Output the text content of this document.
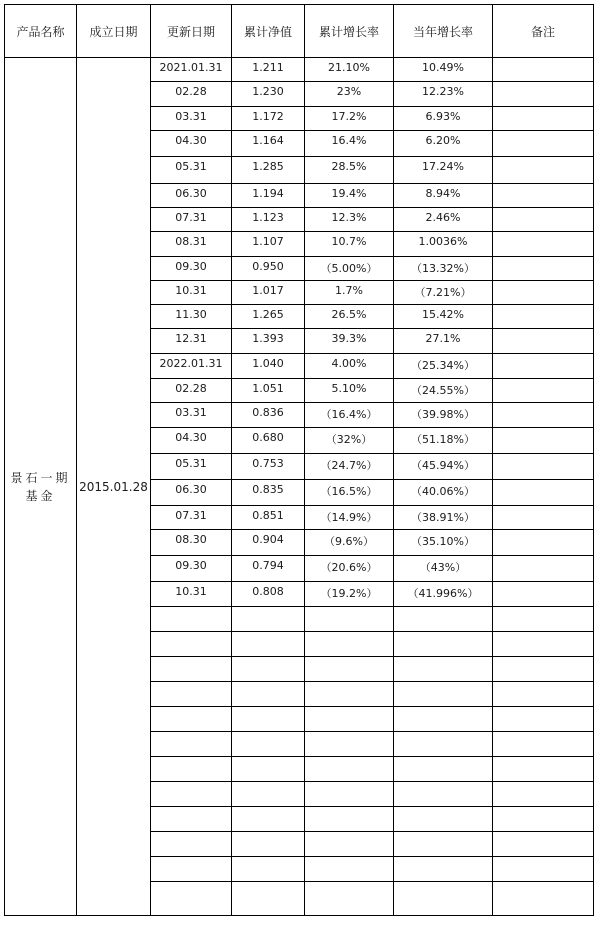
产品名称	成立日期	更新日期	累计净值	累计增长率	当年增长率	备注

景石一期基金	2015.01.28	2021.01.31	1.211	21.10%	10.49%	
		02.28	1.230	23%	12.23%	
		03.31	1.172	17.2%	6.93%	
		04.30	1.164	16.4%	6.20%	
		05.31	1.285	28.5%	17.24%	
		06.30	1.194	19.4%	8.94%	
		07.31	1.123	12.3%	2.46%	
		08.31	1.107	10.7%	1.0036%	
		09.30	0.950	（5.00%）	（13.32%）	
		10.31	1.017	1.7%	（7.21%）	
		11.30	1.265	26.5%	15.42%	
		12.31	1.393	39.3%	27.1%	
		2022.01.31	1.040	4.00%	（25.34%）	
		02.28	1.051	5.10%	（24.55%）	
		03.31	0.836	（16.4%）	（39.98%）	
		04.30	0.680	（32%）	（51.18%）	
		05.31	0.753	（24.7%）	（45.94%）	
		06.30	0.835	（16.5%）	（40.06%）	
		07.31	0.851	（14.9%）	（38.91%）	
		08.30	0.904	（9.6%）	（35.10%）	
		09.30	0.794	（20.6%）	（43%）	
		10.31	0.808	（19.2%）	（41.996%）	
